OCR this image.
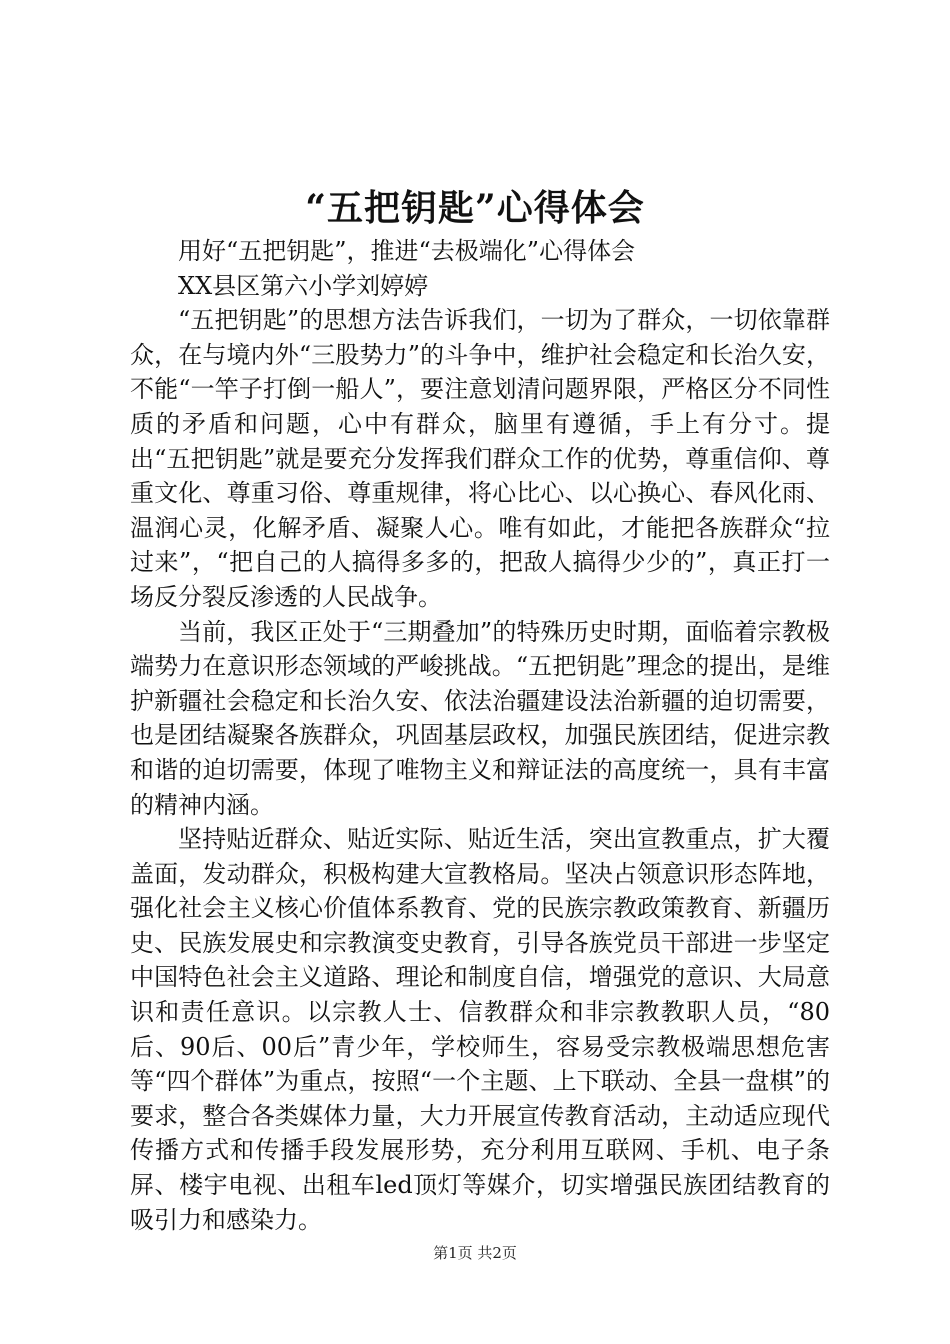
“五把钥匙”心得体会

用好“五把钥匙”，推进“去极端化”心得体会

XX县区第六小学刘婷婷

“五把钥匙”的思想方法告诉我们，一切为了群众，一切依靠群众，在与境内外“三股势力”的斗争中，维护社会稳定和长治久安，不能“一竿子打倒一船人”，要注意划清问题界限，严格区分不同性质的矛盾和问题，心中有群众，脑里有遵循，手上有分寸。提出“五把钥匙”就是要充分发挥我们群众工作的优势，尊重信仰、尊重文化、尊重习俗、尊重规律，将心比心、以心换心、春风化雨、温润心灵，化解矛盾、凝聚人心。唯有如此，才能把各族群众“拉过来”，“把自己的人搞得多多的，把敌人搞得少少的”，真正打一场反分裂反渗透的人民战争。

当前，我区正处于“三期叠加”的特殊历史时期，面临着宗教极端势力在意识形态领域的严峻挑战。“五把钥匙”理念的提出，是维护新疆社会稳定和长治久安、依法治疆建设法治新疆的迫切需要，也是团结凝聚各族群众，巩固基层政权，加强民族团结，促进宗教和谐的迫切需要，体现了唯物主义和辩证法的高度统一，具有丰富的精神内涵。

坚持贴近群众、贴近实际、贴近生活，突出宣教重点，扩大覆盖面，发动群众，积极构建大宣教格局。坚决占领意识形态阵地，强化社会主义核心价值体系教育、党的民族宗教政策教育、新疆历史、民族发展史和宗教演变史教育，引导各族党员干部进一步坚定中国特色社会主义道路、理论和制度自信，增强党的意识、大局意识和责任意识。以宗教人士、信教群众和非宗教教职人员，“80后、90后、00后”青少年，学校师生，容易受宗教极端思想危害等“四个群体”为重点，按照“一个主题、上下联动、全县一盘棋”的要求，整合各类媒体力量，大力开展宣传教育活动，主动适应现代传播方式和传播手段发展形势，充分利用互联网、手机、电子条屏、楼宇电视、出租车led顶灯等媒介，切实增强民族团结教育的吸引力和感染力。

第1页 共2页
